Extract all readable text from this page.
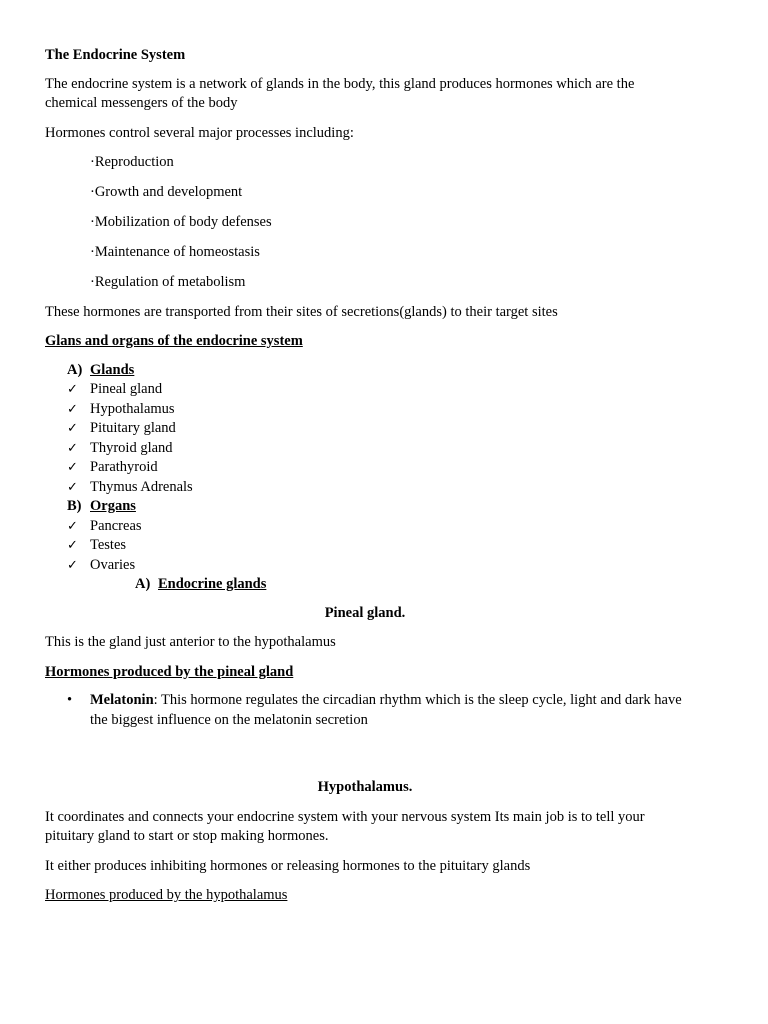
The Endocrine System

The endocrine system is a network of glands in the body, this gland produces hormones which are the chemical messengers of the body

Hormones control several major processes including:

·Reproduction
·Growth and development
·Mobilization of body defenses
·Maintenance of homeostasis
·Regulation of metabolism

These hormones are transported from their sites of secretions(glands) to their target sites

Glans and organs of the endocrine system

A) Glands
✓ Pineal gland
✓ Hypothalamus
✓ Pituitary gland
✓ Thyroid gland
✓ Parathyroid
✓ Thymus Adrenals
B) Organs
✓ Pancreas
✓ Testes
✓ Ovaries
A) Endocrine glands

Pineal gland.

This is the gland just anterior to the hypothalamus

Hormones produced by the pineal gland

• Melatonin: This hormone regulates the circadian rhythm which is the sleep cycle, light and dark have the biggest influence on the melatonin secretion

Hypothalamus.

It coordinates and connects your endocrine system with your nervous system Its main job is to tell your pituitary gland to start or stop making hormones.

It either produces inhibiting hormones or releasing hormones to the pituitary glands

Hormones produced by the hypothalamus
